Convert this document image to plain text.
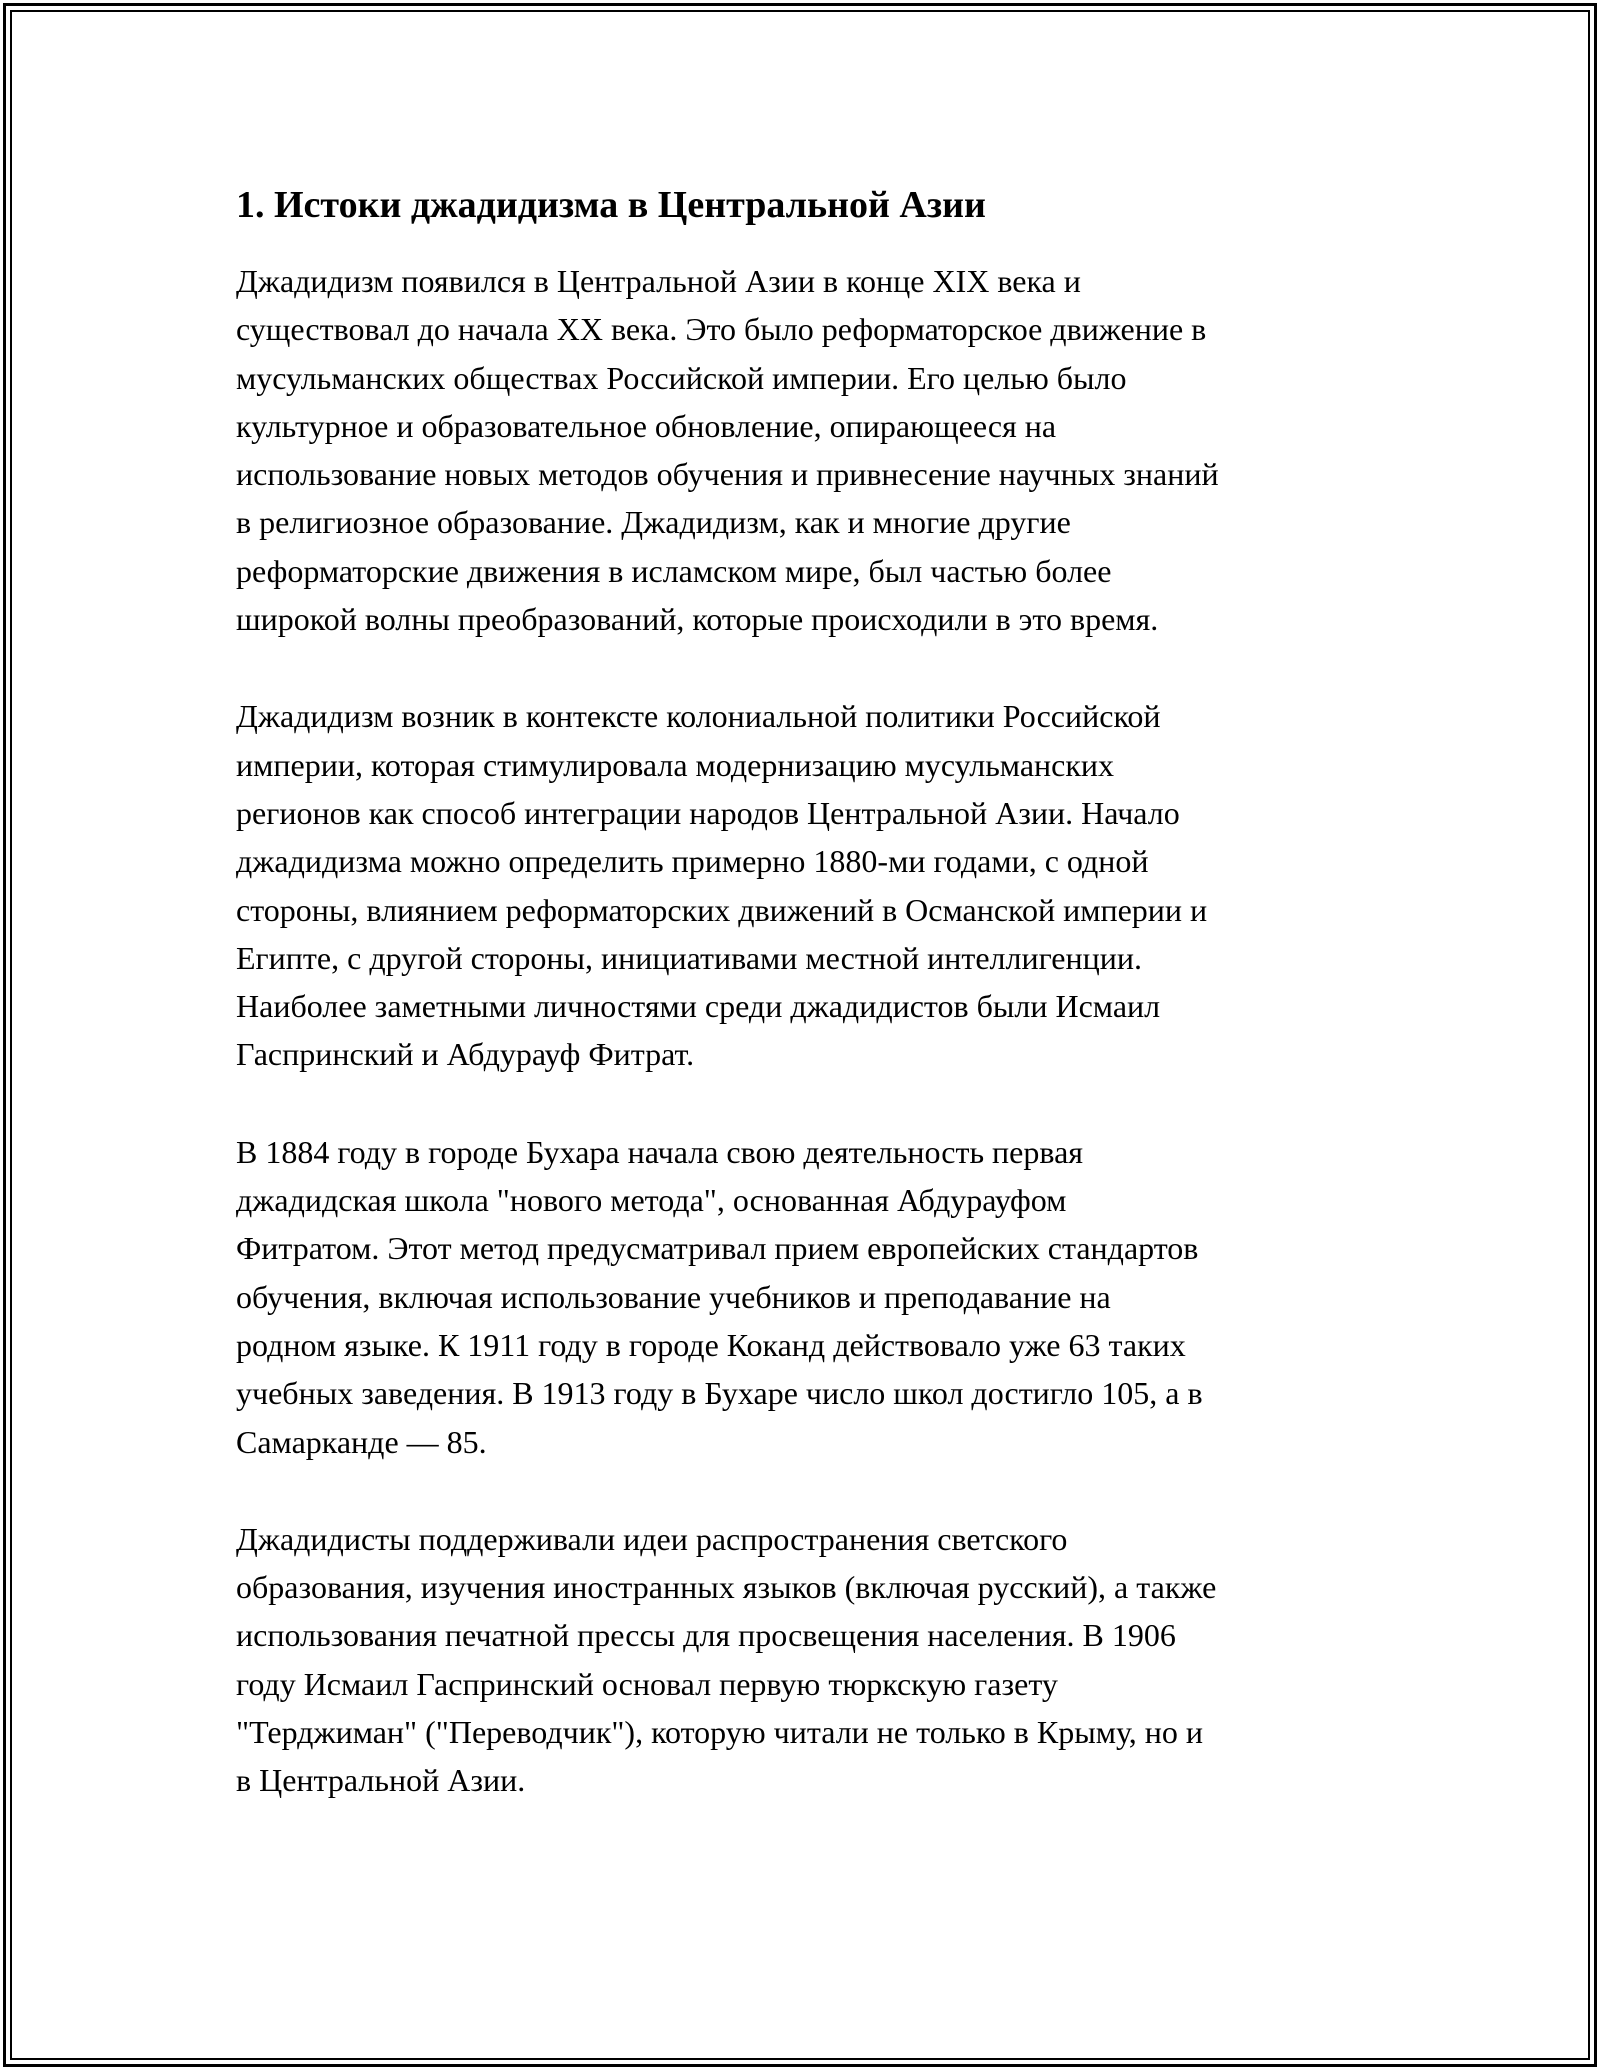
1. Истоки джадидизма в Центральной Азии

Джадидизм появился в Центральной Азии в конце XIX века и
существовал до начала XX века. Это было реформаторское движение в
мусульманских обществах Российской империи. Его целью было
культурное и образовательное обновление, опирающееся на
использование новых методов обучения и привнесение научных знаний
в религиозное образование. Джадидизм, как и многие другие
реформаторские движения в исламском мире, был частью более
широкой волны преобразований, которые происходили в это время.

Джадидизм возник в контексте колониальной политики Российской
империи, которая стимулировала модернизацию мусульманских
регионов как способ интеграции народов Центральной Азии. Начало
джадидизма можно определить примерно 1880-ми годами, с одной
стороны, влиянием реформаторских движений в Османской империи и
Египте, с другой стороны, инициативами местной интеллигенции.
Наиболее заметными личностями среди джадидистов были Исмаил
Гаспринский и Абдурауф Фитрат.

В 1884 году в городе Бухара начала свою деятельность первая
джадидская школа "нового метода", основанная Абдурауфом
Фитратом. Этот метод предусматривал прием европейских стандартов
обучения, включая использование учебников и преподавание на
родном языке. К 1911 году в городе Коканд действовало уже 63 таких
учебных заведения. В 1913 году в Бухаре число школ достигло 105, а в
Самарканде — 85.

Джадидисты поддерживали идеи распространения светского
образования, изучения иностранных языков (включая русский), а также
использования печатной прессы для просвещения населения. В 1906
году Исмаил Гаспринский основал первую тюркскую газету
"Терджиман" ("Переводчик"), которую читали не только в Крыму, но и
в Центральной Азии.
